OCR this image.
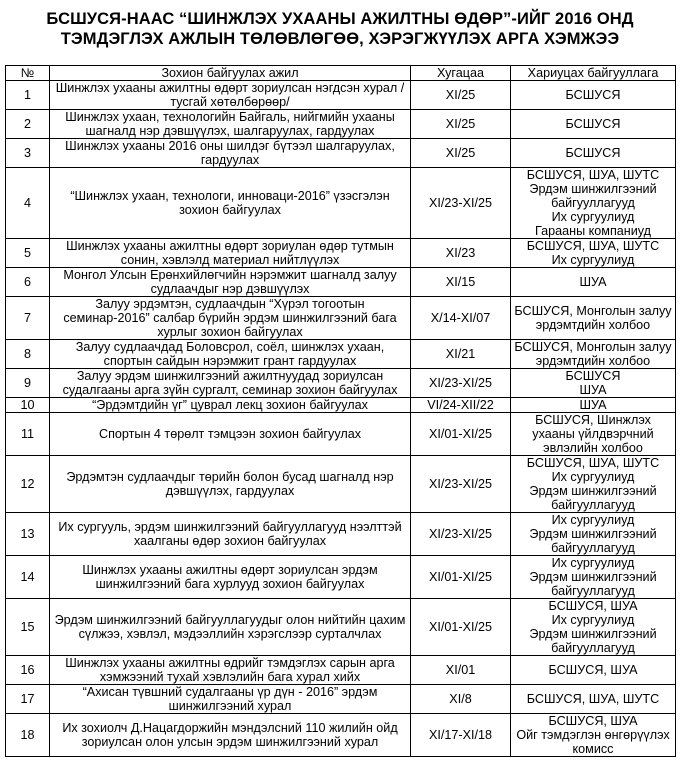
БСШУСЯ-НААС “ШИНЖЛЭХ УХААНЫ АЖИЛТНЫ ӨДӨР”-ИЙГ 2016 ОНД
ТЭМДЭГЛЭХ АЖЛЫН ТӨЛӨВЛӨГӨӨ, ХЭРЭГЖҮҮЛЭХ АРГА ХЭМЖЭЭ
№	Зохион байгуулах ажил	Хугацаа	Хариуцах байгууллага
1	Шинжлэх ухааны ажилтны өдөрт зориулсан нэгдсэн хурал /тусгай хөтөлбөрөөр/	XI/25	БСШУСЯ
2	Шинжлэх ухаан, технологийн Байгаль, нийгмийн ухааны шагналд нэр дэвшүүлэх, шалгаруулах, гардуулах	XI/25	БСШУСЯ
3	Шинжлэх ухааны 2016 оны шилдэг бүтээл шалгаруулах, гардуулах	XI/25	БСШУСЯ
4	“Шинжлэх ухаан, технологи, инноваци-2016” үзэсгэлэн зохион байгуулах	XI/23-XI/25	БСШУСЯ, ШУА, ШУТС
Эрдэм шинжилгээний байгууллагууд
Их сургуулиуд
Гарааны компаниуд
5	Шинжлэх ухааны ажилтны өдөрт зориулан өдөр тутмын сонин, хэвлэлд материал нийтлүүлэх	XI/23	БСШУСЯ, ШУА, ШУТС
Их сургуулиуд
6	Монгол Улсын Ерөнхийлөгчийн нэрэмжит шагналд залуу судлаачдыг нэр дэвшүүлэх	XI/15	ШУА
7	Залуу эрдэмтэн, судлаачдын “Хүрэл тогоотын семинар-2016” салбар бүрийн эрдэм шинжилгээний бага хурлыг зохион байгуулах	X/14-XI/07	БСШУСЯ, Монголын залуу эрдэмтдийн холбоо
8	Залуу судлаачдад Боловсрол, соёл, шинжлэх ухаан, спортын сайдын нэрэмжит грант гардуулах	XI/21	БСШУСЯ, Монголын залуу эрдэмтдийн холбоо
9	Залуу эрдэм шинжилгээний ажилтнуудад зориулсан судалгааны арга зүйн сургалт, семинар зохион байгуулах	XI/23-XI/25	БСШУСЯ
ШУА
10	“Эрдэмтдийн үг” цуврал лекц зохион байгуулах	VI/24-XII/22	ШУА
11	Спортын 4 төрөлт тэмцээн зохион байгуулах	XI/01-XI/25	БСШУСЯ, Шинжлэх ухааны үйлдвэрчний эвлэлийн холбоо
12	Эрдэмтэн судлаачдыг төрийн болон бусад шагналд нэр дэвшүүлэх, гардуулах	XI/23-XI/25	БСШУСЯ, ШУА, ШУТС
Их сургуулиуд
Эрдэм шинжилгээний байгууллагууд
13	Их сургууль, эрдэм шинжилгээний байгууллагууд нээлттэй хаалганы өдөр зохион байгуулах	XI/23-XI/25	Их сургуулиуд
Эрдэм шинжилгээний байгууллагууд
14	Шинжлэх ухааны ажилтны өдөрт зориулсан эрдэм шинжилгээний бага хурлууд зохион байгуулах	XI/01-XI/25	Их сургуулиуд
Эрдэм шинжилгээний байгууллагууд
15	Эрдэм шинжилгээний байгууллагуудыг олон нийтийн цахим сүлжээ, хэвлэл, мэдээллийн хэрэгслээр сурталчлах	XI/01-XI/25	БСШУСЯ, ШУА
Их сургуулиуд
Эрдэм шинжилгээний байгууллагууд
16	Шинжлэх ухааны ажилтны өдрийг тэмдэглэх сарын арга хэмжээний тухай хэвлэлийн бага хурал хийх	XI/01	БСШУСЯ, ШУА
17	“Ахисан түвшний судалгааны үр дүн - 2016” эрдэм шинжилгээний хурал	XI/8	БСШУСЯ, ШУА, ШУТС
18	Их зохиолч Д.Нацагдоржийн мэндэлсний 110 жилийн ойд зориулсан олон улсын эрдэм шинжилгээний хурал	XI/17-XI/18	БСШУСЯ, ШУА
Ойг тэмдэглэн өнгөрүүлэх комисс
